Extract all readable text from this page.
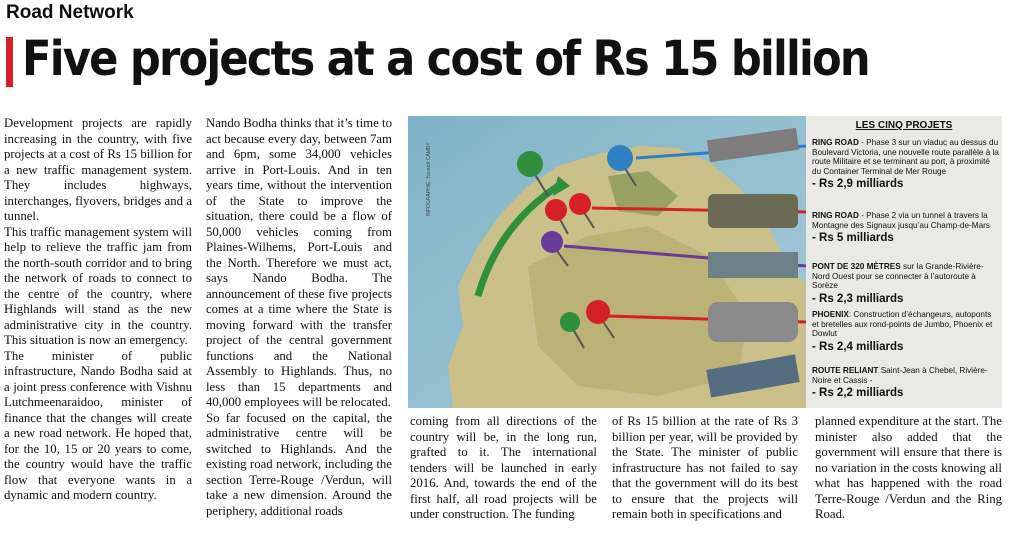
Road Network
Five projects at a cost of Rs 15 billion

Development projects are rapidly increasing in the country, with five projects at a cost of Rs 15 billion for a new traffic management system. They includes highways, interchanges, flyovers, bridges and a tunnel.

This traffic management system will help to relieve the traffic jam from the north-south corridor and to bring the network of roads to connect to the centre of the country, where Highlands will stand as the new administrative city in the country. This situation is now an emergency.

The minister of public infrastructure, Nando Bodha said at a joint press conference with Vishnu Lutchmeenaraidoo, minister of finance that the changes will create a new road network. He hoped that, for the 10, 15 or 20 years to come, the country would have the traffic flow that everyone wants in a dynamic and modern country.

Nando Bodha thinks that it’s time to act because every day, between 7am and 6pm, some 34,000 vehicles arrive in Port-Louis. And in ten years time, without the intervention of the State to improve the situation, there could be a flow of 50,000 vehicles coming from Plaines-Wilhems, Port-Louis and the North. Therefore we must act, says Nando Bodha. The announcement of these five projects comes at a time where the State is moving forward with the transfer project of the central government functions and the National Assembly to Highlands. Thus, no less than 15 departments and 40,000 employees will be relocated.

So far focused on the capital, the administrative centre will be switched to Highlands. And the existing road network, including the section Terre-Rouge /Verdun, will take a new dimension. Around the periphery, additional roads

INFOGRAPHIE: Yannick CAMBY
LES CINQ PROJETS
RING ROAD - Phase 3 sur un viaduc au dessus du Boulevard Victoria, une nouvelle route parallèle à la route Militaire et se terminant au port, à proximité du Container Terminal de Mer Rouge
- Rs 2,9 milliards
RING ROAD - Phase 2 via un tunnel à travers la Montagne des Signaux jusqu’au Champ-de-Mars
- Rs 5 milliards
PONT DE 320 MÈTRES sur la Grande-Rivière-Nord Ouest pour se connecter à l’autoroute à Sorèze
- Rs 2,3 milliards
PHOENIX: Construction d’échangeurs, autoponts et bretelles aux rond-points de Jumbo, Phoenix et Dowlut
- Rs 2,4 milliards
ROUTE RELIANT Saint-Jean à Chebel, Rivière-Noire et Cassis -
- Rs 2,2 milliards

coming from all directions of the country will be, in the long run, grafted to it. The international tenders will be launched in early 2016. And, towards the end of the first half, all road projects will be under construction. The funding

of Rs 15 billion at the rate of Rs 3 billion per year, will be provided by the State. The minister of public infrastructure has not failed to say that the government will do its best to ensure that the projects will remain both in specifications and

planned expenditure at the start. The minister also added that the government will ensure that there is no variation in the costs knowing all what has happened with the road Terre-Rouge /Verdun and the Ring Road.
